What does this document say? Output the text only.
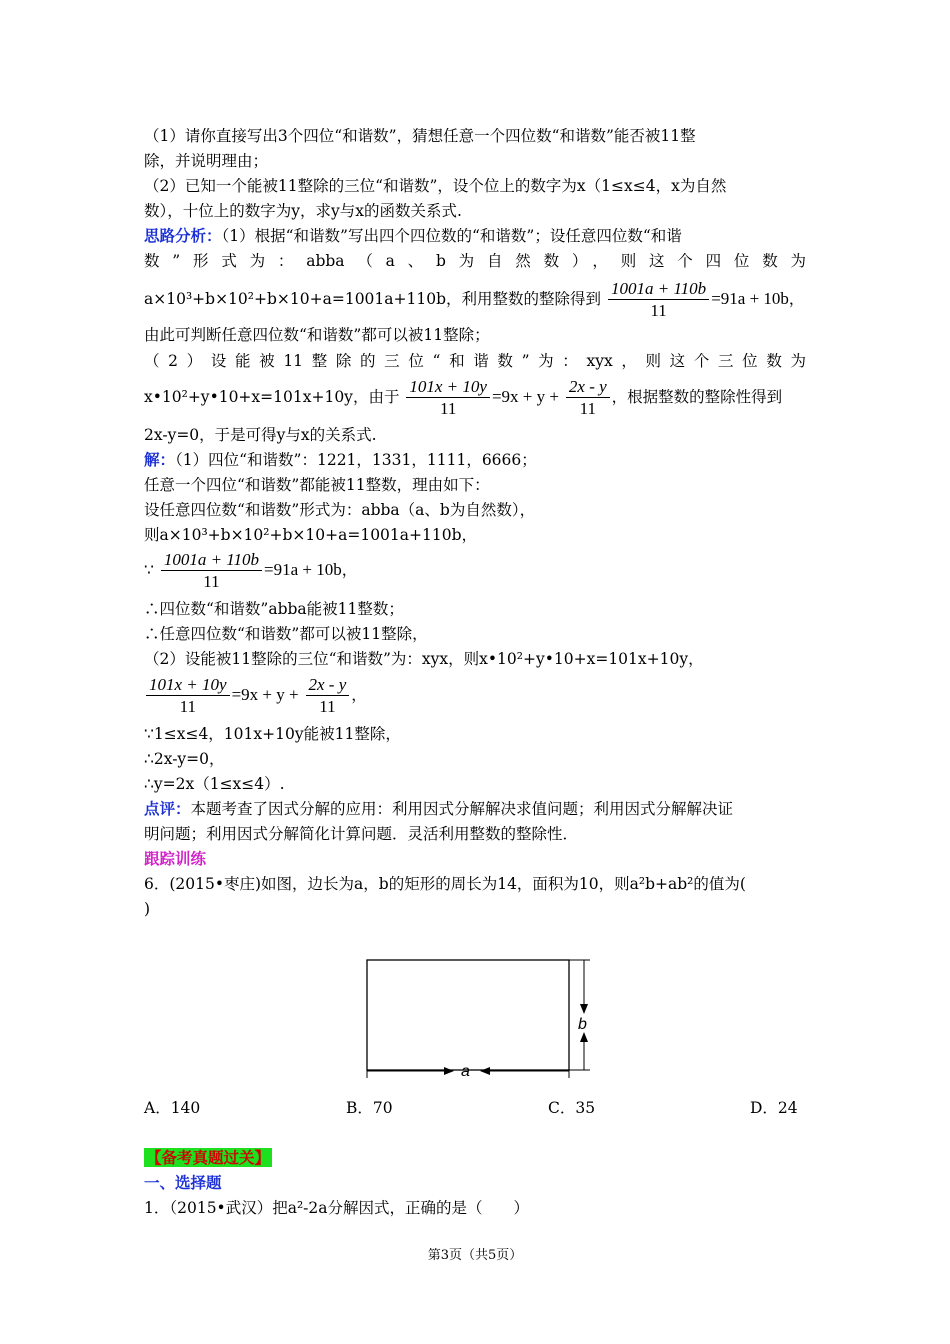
（1）请你直接写出3个四位“和谐数”，猜想任意一个四位数“和谐数”能否被11整
除，并说明理由；
（2）已知一个能被11整除的三位“和谐数”，设个位上的数字为x（1≤x≤4，x为自然
数），十位上的数字为y，求y与x的函数关系式.
思路分析：（1）根据“和谐数”写出四个四位数的“和谐数”；设任意四位数“和谐
数”形式为：abba（a、b为自然数），则这个四位数为
a×10³+b×10²+b×10+a=1001a+110b，利用整数的整除得到 $\frac{1001a + 110b}{11} =91a + 10b$，
由此可判断任意四位数“和谐数”都可以被11整除；
（2）设能被11整除的三位“和谐数”为：xyx，则这个三位数为
x•10²+y•10+x=101x+10y，由于 $\frac{101x + 10y}{11} =9x + y + \frac{2x - y}{11}$ ，根据整数的整除性得到
2x-y=0，于是可得y与x的关系式.
解：（1）四位“和谐数”：1221，1331，1111，6666；
任意一个四位“和谐数”都能被11整数，理由如下：
设任意四位数“和谐数”形式为：abba（a、b为自然数），
则a×10³+b×10²+b×10+a=1001a+110b，
∵ $\frac{1001a + 110b}{11} =91a + 10b$，
∴四位数“和谐数”abba能被11整数；
∴任意四位数“和谐数”都可以被11整除，
（2）设能被11整除的三位“和谐数”为：xyx，则x•10²+y•10+x=101x+10y，
$\frac{101x + 10y}{11} =9x + y + \frac{2x - y}{11}$ ，
∵1≤x≤4，101x+10y能被11整除，
∴2x-y=0，
∴y=2x（1≤x≤4）.
点评：本题考查了因式分解的应用：利用因式分解解决求值问题；利用因式分解解决证
明问题；利用因式分解简化计算问题．灵活利用整数的整除性．
跟踪训练
6．(2015•枣庄)如图，边长为a，b的矩形的周长为14，面积为10，则a²b+ab²的值为(
)
b
a
A．140	B．70	C．35	D．24
【备考真题过关】
一、选择题
1．（2015•武汉）把a²-2a分解因式，正确的是（　　）
第3页（共5页）
